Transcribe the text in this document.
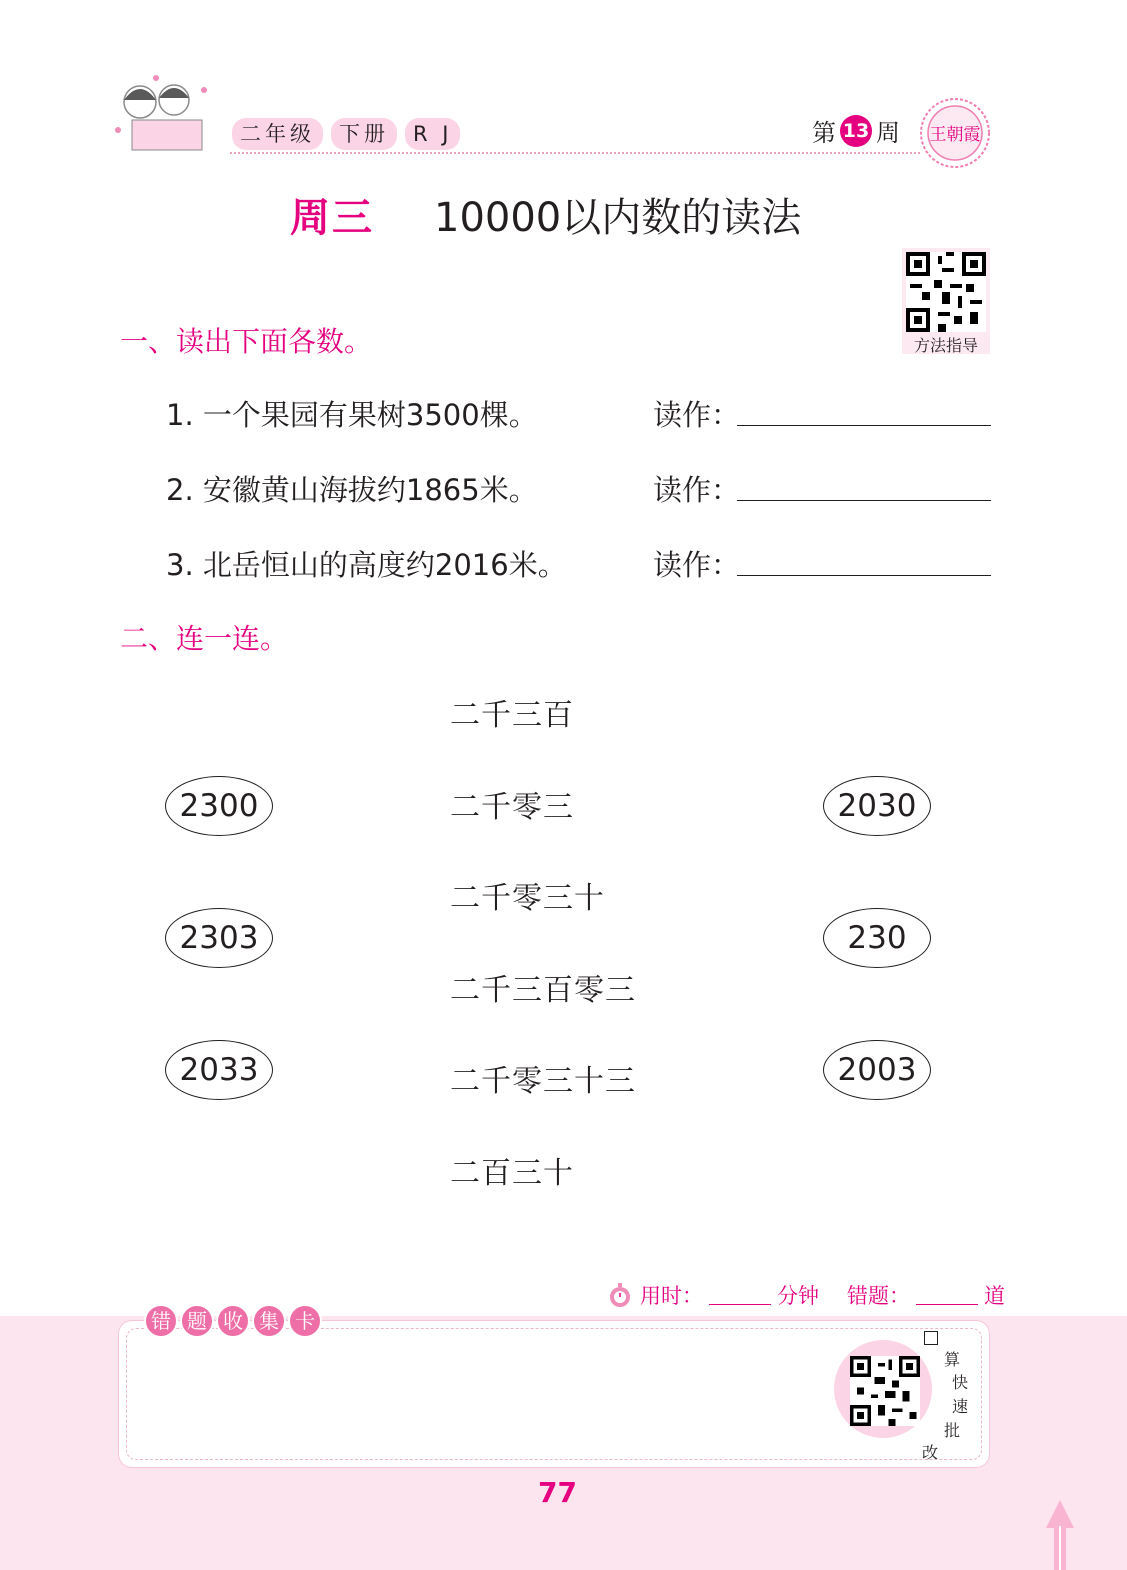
二年级	下册	R J	第 13 周 王朝霞
周三 10000以内数的读法
方法指导
一、读出下面各数。
1. 一个果园有果树3500棵。	读作：
2. 安徽黄山海拔约1865米。	读作：
3. 北岳恒山的高度约2016米。	读作：
二、连一连。
2300
2303
2033
二千三百
二千零三
二千零三十
二千三百零三
二千零三十三
二百三十
2030
230
2003
用时：	分钟 错题：	道
错 题 收 集 卡
算
快
速
批
改
77
